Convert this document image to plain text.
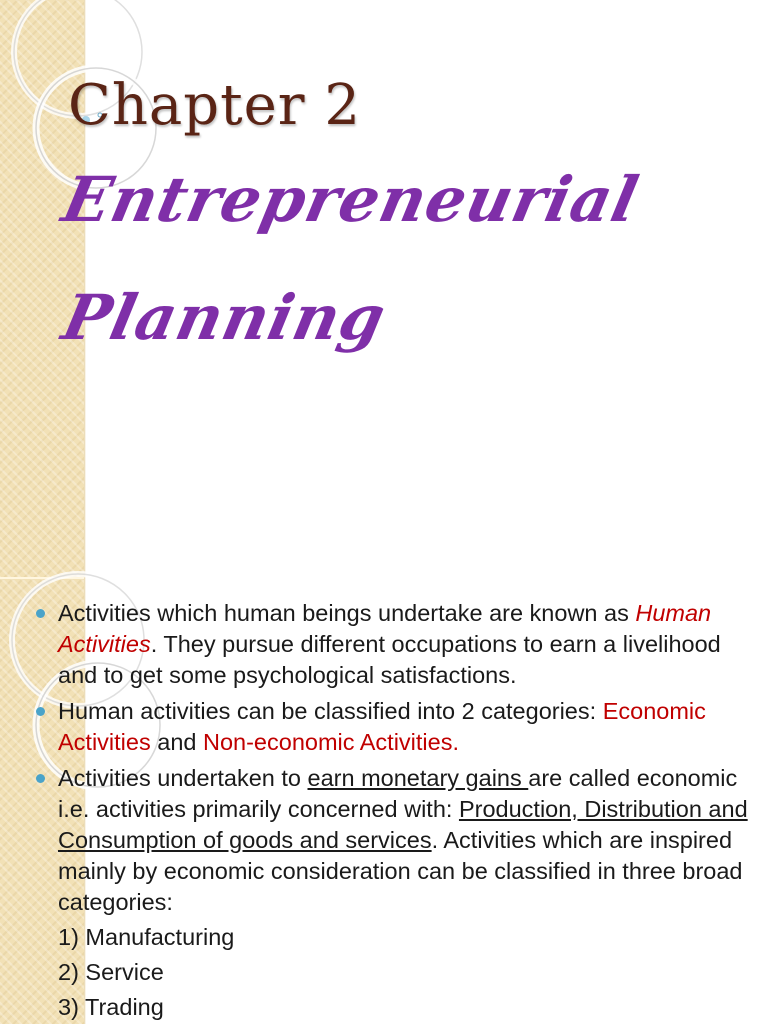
Chapter 2
Entrepreneurial
Planning
Activities which human beings undertake are known as Human Activities. They pursue different occupations to earn a livelihood and to get some psychological satisfactions.
Human activities can be classified into 2 categories: Economic Activities and Non-economic Activities.
Activities undertaken to earn monetary gains are called economic i.e. activities primarily concerned with: Production, Distribution and Consumption of goods and services. Activities which are inspired mainly by economic consideration can be classified in three broad categories:
1) Manufacturing
2) Service
3) Trading
